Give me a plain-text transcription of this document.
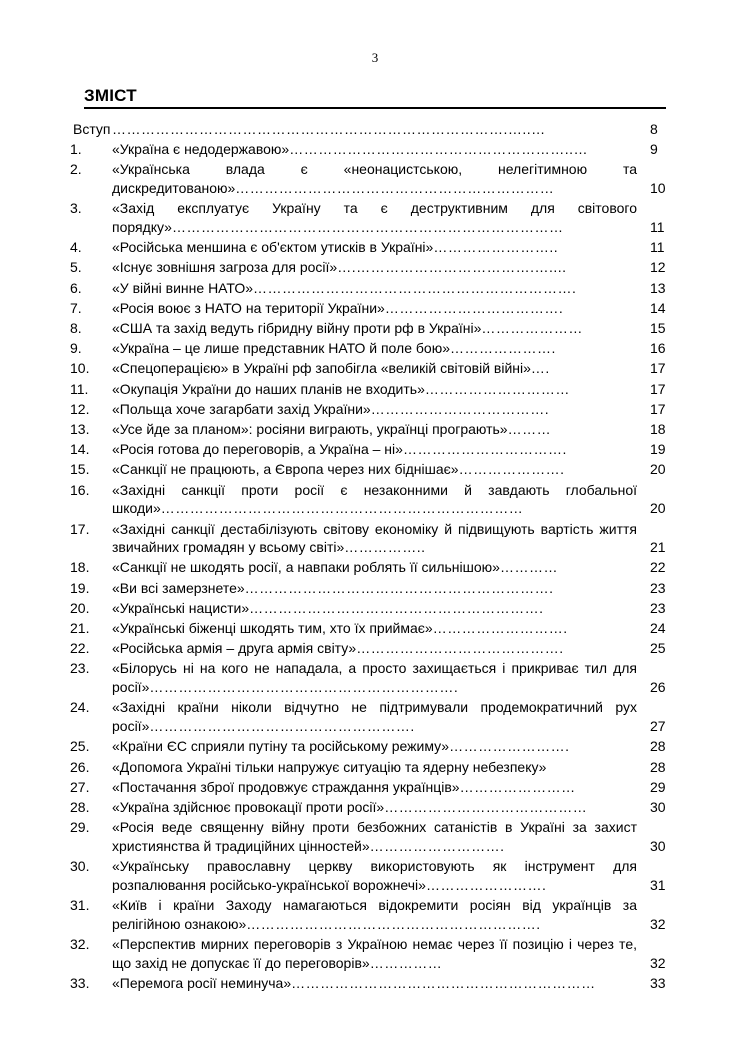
3
ЗМІСТ
Вступ ……………………………………………………………………….…..…	8
1. «Україна є недодержавою»…………………………………………………..…	9
2. «Українська влада є «неонацистською, нелегітимною та дискредитованою»…………………………………………………………	10
3. «Захід експлуатує Україну та є деструктивним для світового порядку»………………………………………………………………………	11
4. «Російська меншина є об'єктом утисків в Україні»……………………..	11
5. «Існує зовнішня загроза для росії»….……………………………….…....	12
6. «У війні винне НАТО»………………………………………………………….	13
7. «Росія воює з НАТО на території України»……………………………….	14
8. «США та захід ведуть гібридну війну проти рф в Україні»…………………	15
9. «Україна – це лише представник НАТО й поле бою»………………….	16
10. «Спецоперацією» в Україні рф запобігла «великій світовій війні»….	17
11. «Окупація України до наших планів не входить»…………………………	17
12. «Польща хоче загарбати захід України»……………………………….	17
13. «Усе йде за планом»: росіяни виграють, українці програють»………	18
14. «Росія готова до переговорів, а Україна – ні»…………………………….	19
15. «Санкції не працюють, а Європа через них біднішає»………………….	20
16. «Західні санкції проти росії є незаконними й завдають глобальної шкоди»…………………………………………………………………	20
17. «Західні санкції дестабілізують світову економіку й підвищують вартість життя звичайних громадян у всьому світі»……………..	21
18. «Санкції не шкодять росії, а навпаки роблять її сильнішою»…………	22
19. «Ви всі замерзнете»……………………………………………………….	23
20. «Українські нацисти»…………………………………………………….	23
21. «Українські біженці шкодять тим, хто їх приймає»……………………….	24
22. «Російська армія – друга армія світу»…………………………………….	25
23. «Білорусь ні на кого не нападала, а просто захищається і прикриває тил для росії»……………………………………………………….	26
24. «Західні країни ніколи відчутно не підтримували продемократичний рух росії»……………………………………………….	27
25. «Країни ЄС сприяли путіну та російському режиму»…………………….	28
26. «Допомога Україні тільки напружує ситуацію та ядерну небезпеку»	28
27. «Постачання зброї продовжує страждання українців»……………………	29
28. «Україна здійснює провокації проти росії»……………………………………	30
29. «Росія веде священну війну проти безбожних сатаністів в Україні за захист християнства й традиційних цінностей»……………………….	30
30. «Українську православну церкву використовують як інструмент для розпалювання російсько-української ворожнечі»…………………….	31
31. «Київ і країни Заходу намагаються відокремити росіян від українців за релігійною ознакою»…………………………………………………….	32
32. «Перспектив мирних переговорів з Україною немає через її позицію і через те, що захід не допускає її до переговорів»……………	32
33. «Перемога росії неминуча»………………………………………………………	33
